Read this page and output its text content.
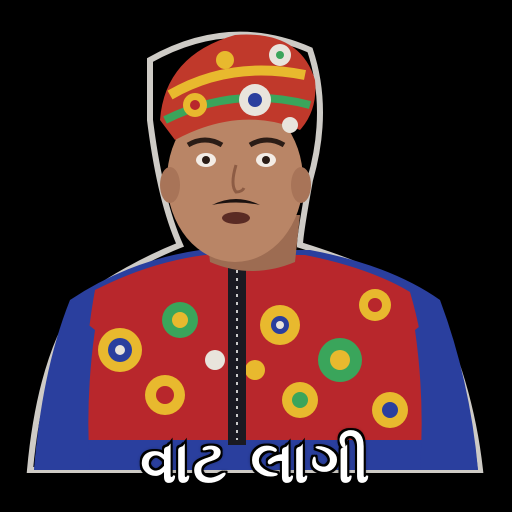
વાટ લાગી
